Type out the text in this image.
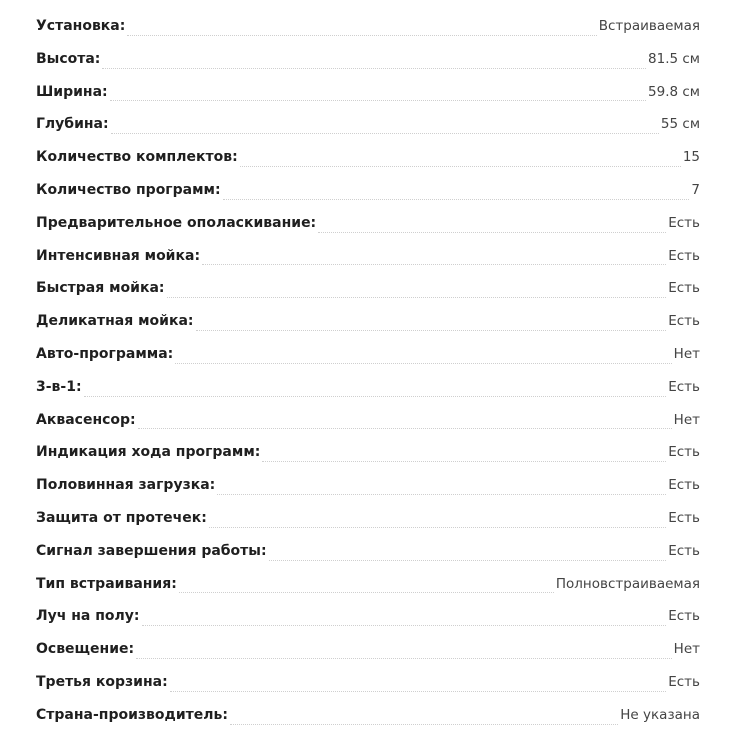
Установка:	Встраиваемая
Высота:	81.5 см
Ширина:	59.8 см
Глубина:	55 см
Количество комплектов:	15
Количество программ:	7
Предварительное ополаскивание:	Есть
Интенсивная мойка:	Есть
Быстрая мойка:	Есть
Деликатная мойка:	Есть
Авто-программа:	Нет
3-в-1:	Есть
Аквасенсор:	Нет
Индикация хода программ:	Есть
Половинная загрузка:	Есть
Защита от протечек:	Есть
Сигнал завершения работы:	Есть
Тип встраивания:	Полновстраиваемая
Луч на полу:	Есть
Освещение:	Нет
Третья корзина:	Есть
Страна-производитель:	Не указана
